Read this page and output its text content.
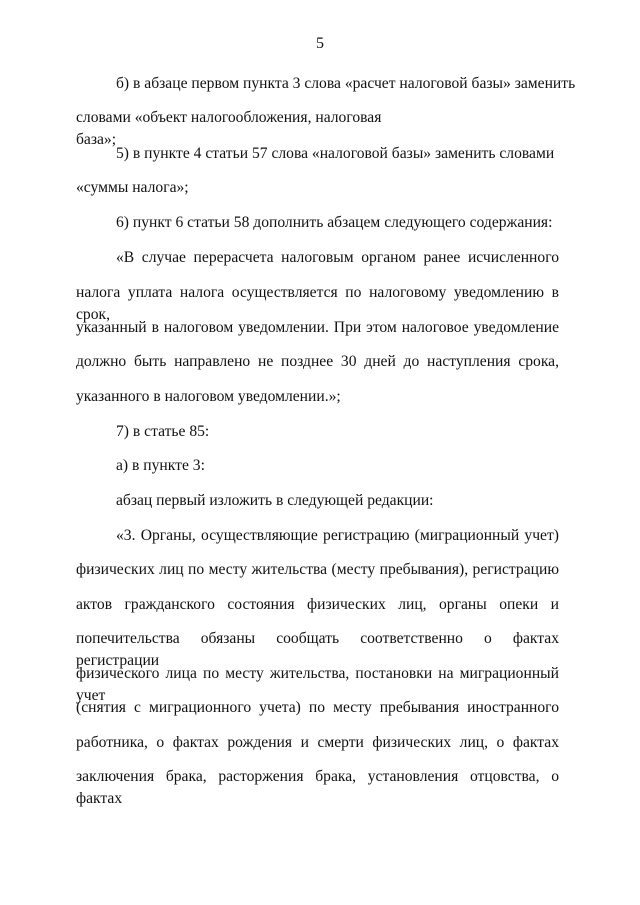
5
б) в абзаце первом пункта 3 слова «расчет налоговой базы» заменить
словами «объект налогообложения, налоговая база»;
5) в пункте 4 статьи 57 слова «налоговой базы» заменить словами
«суммы налога»;
6) пункт 6 статьи 58 дополнить абзацем следующего содержания:
«В случае перерасчета налоговым органом ранее исчисленного
налога уплата налога осуществляется по налоговому уведомлению в срок,
указанный в налоговом уведомлении. При этом налоговое уведомление
должно быть направлено не позднее 30 дней до наступления срока,
указанного в налоговом уведомлении.»;
7) в статье 85:
а) в пункте 3:
абзац первый изложить в следующей редакции:
«3. Органы, осуществляющие регистрацию (миграционный учет)
физических лиц по месту жительства (месту пребывания), регистрацию
актов гражданского состояния физических лиц, органы опеки и
попечительства обязаны сообщать соответственно о фактах регистрации
физического лица по месту жительства, постановки на миграционный учет
(снятия с миграционного учета) по месту пребывания иностранного
работника, о фактах рождения и смерти физических лиц, о фактах
заключения брака, расторжения брака, установления отцовства, о фактах
